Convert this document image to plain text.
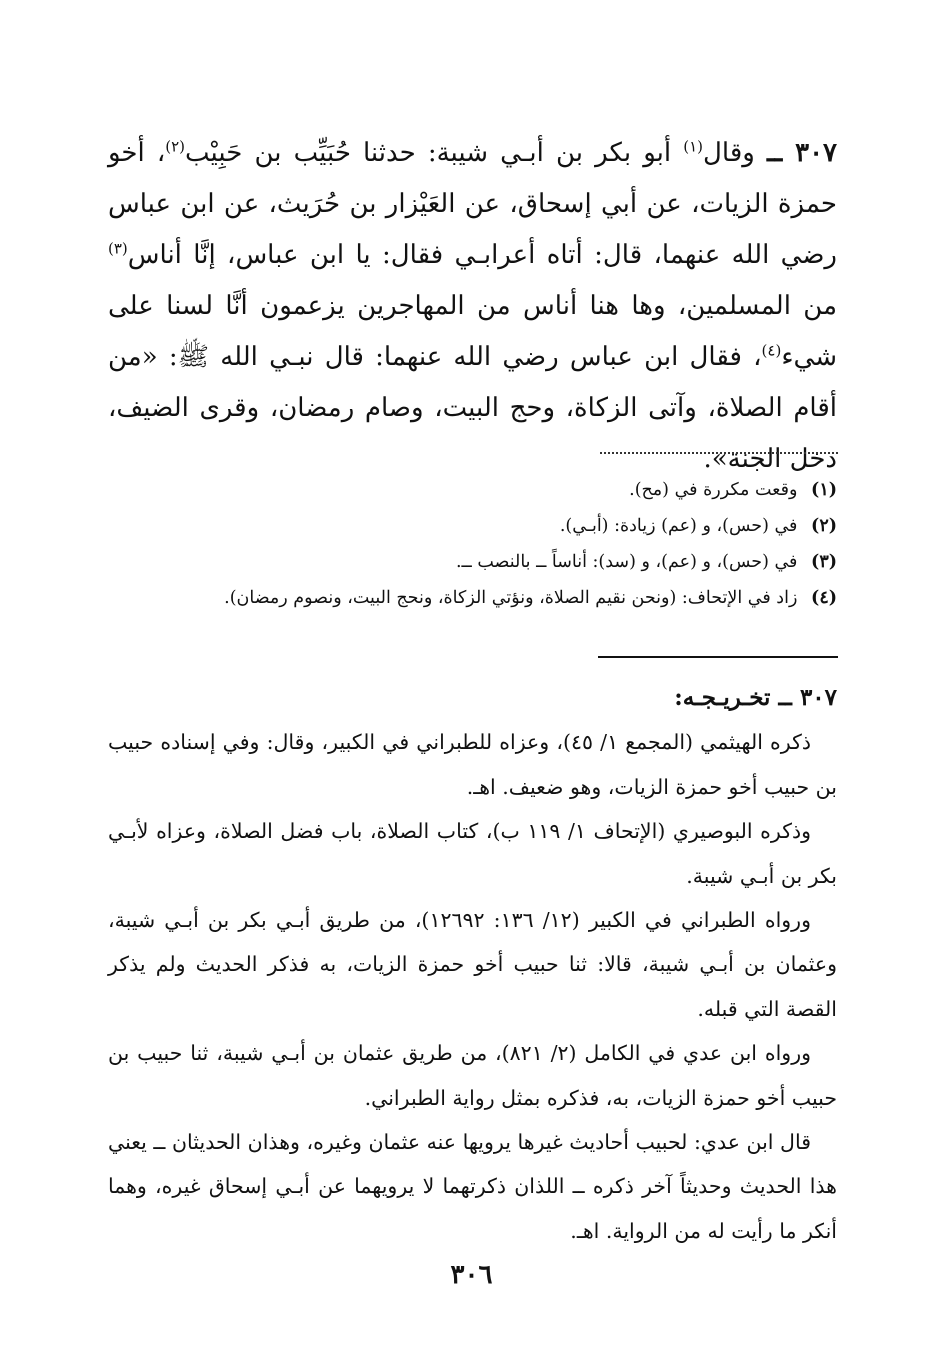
٣٠٧ ــ وقال$^{(١)}$ أبو بكر بن أبـي شيبة: حدثنا حُبَيِّب بن حَبِيْب$^{(٢)}$، أخو حمزة الزيات، عن أبي إسحاق، عن العَيْزار بن حُرَيث، عن ابن عباس رضي الله عنهما، قال: أتاه أعرابـي فقال: يا ابن عباس، إنَّا أناس$^{(٣)}$ من المسلمين، وها هنا أناس من المهاجرين يزعمون أنَّا لسنا على شيء$^{(٤)}$، فقال ابن عباس رضي الله عنهما: قال نبـي الله ﷺ: «من أقام الصلاة، وآتى الزكاة، وحج البيت، وصام رمضان، وقرى الضيف، دخل الجنة».
(١) وقعت مكررة في (مح).
(٢) في (حس)، و (عم) زيادة: (أبـي).
(٣) في (حس)، و (عم)، و (سد): أناساً ــ بالنصب ــ.
(٤) زاد في الإتحاف: (ونحن نقيم الصلاة، ونؤتي الزكاة، ونحج البيت، ونصوم رمضان).
٣٠٧ ــ تخـريـجـه:

ذكره الهيثمي (المجمع ١/ ٤٥)، وعزاه للطبراني في الكبير، وقال: وفي إسناده حبيب بن حبيب أخو حمزة الزيات، وهو ضعيف. اهـ.

وذكره البوصيري (الإتحاف ١/ ١١٩ ب)، كتاب الصلاة، باب فضل الصلاة، وعزاه لأبـي بكر بن أبـي شيبة.

ورواه الطبراني في الكبير (١٢/ ١٣٦: ١٢٦٩٢)، من طريق أبـي بكر بن أبـي شيبة، وعثمان بن أبـي شيبة، قالا: ثنا حبيب أخو حمزة الزيات، به فذكر الحديث ولم يذكر القصة التي قبله.

ورواه ابن عدي في الكامل (٢/ ٨٢١)، من طريق عثمان بن أبـي شيبة، ثنا حبيب بن حبيب أخو حمزة الزيات، به، فذكره بمثل رواية الطبراني.

قال ابن عدي: لحبيب أحاديث غيرها يرويها عنه عثمان وغيره، وهذان الحديثان ــ يعني هذا الحديث وحديثاً آخر ذكره ــ اللذان ذكرتهما لا يرويهما عن أبـي إسحاق غيره، وهما أنكر ما رأيت له من الرواية. اهـ.

٣٠٦
